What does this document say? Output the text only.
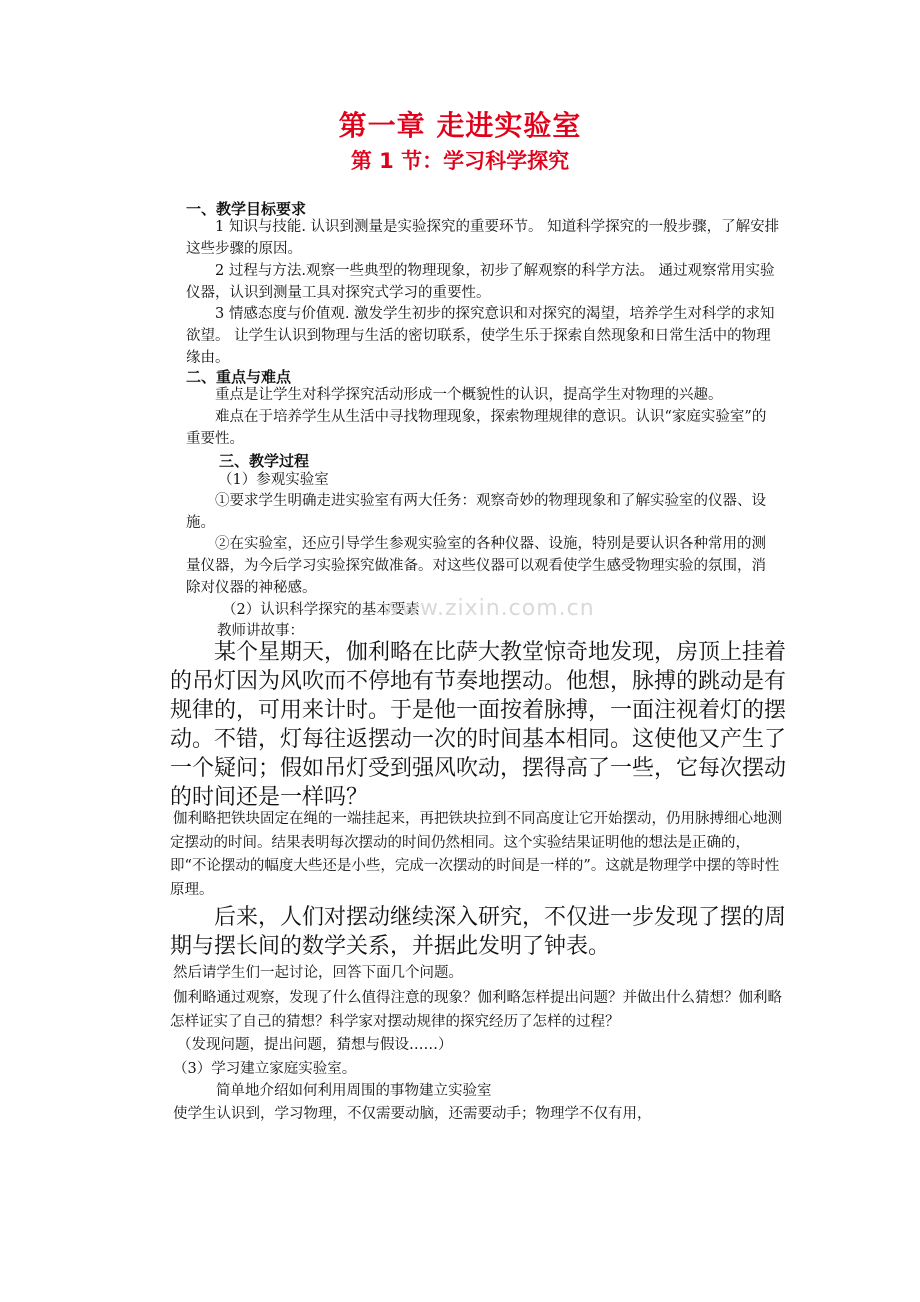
第一章 走进实验室
第 1 节：学习科学探究
一、教学目标要求
1 知识与技能. 认识到测量是实验探究的重要环节。 知道科学探究的一般步骤，了解安排这些步骤的原因。
2 过程与方法.观察一些典型的物理现象，初步了解观察的科学方法。 通过观察常用实验仪器，认识到测量工具对探究式学习的重要性。
3 情感态度与价值观. 激发学生初步的探究意识和对探究的渴望，培养学生对科学的求知欲望。 让学生认识到物理与生活的密切联系，使学生乐于探索自然现象和日常生活中的物理缘由。
二、重点与难点
重点是让学生对科学探究活动形成一个概貌性的认识，提高学生对物理的兴趣。
难点在于培养学生从生活中寻找物理现象，探索物理规律的意识。认识“家庭实验室”的重要性。
三、教学过程
（1）参观实验室
①要求学生明确走进实验室有两大任务：观察奇妙的物理现象和了解实验室的仪器、设施。
②在实验室，还应引导学生参观实验室的各种仪器、设施，特别是要认识各种常用的测量仪器，为今后学习实验探究做准备。对这些仪器可以观看使学生感受物理实验的氛围，消除对仪器的神秘感。
（2）认识科学探究的基本要素
www.zixin.com.cn
教师讲故事：
某个星期天，伽利略在比萨大教堂惊奇地发现，房顶上挂着的吊灯因为风吹而不停地有节奏地摆动。他想，脉搏的跳动是有规律的，可用来计时。于是他一面按着脉搏，一面注视着灯的摆动。不错，灯每往返摆动一次的时间基本相同。这使他又产生了一个疑问；假如吊灯受到强风吹动，摆得高了一些，它每次摆动的时间还是一样吗？
伽利略把铁块固定在绳的一端挂起来，再把铁块拉到不同高度让它开始摆动，仍用脉搏细心地测定摆动的时间。结果表明每次摆动的时间仍然相同。这个实验结果证明他的想法是正确的，即“不论摆动的幅度大些还是小些，完成一次摆动的时间是一样的”。这就是物理学中摆的等时性原理。
后来，人们对摆动继续深入研究，不仅进一步发现了摆的周期与摆长间的数学关系，并据此发明了钟表。
然后请学生们一起讨论，回答下面几个问题。
伽利略通过观察，发现了什么值得注意的现象？伽利略怎样提出问题？并做出什么猜想？伽利略怎样证实了自己的猜想？科学家对摆动规律的探究经历了怎样的过程？
（发现问题，提出问题，猜想与假设……）
（3）学习建立家庭实验室。
简单地介绍如何利用周围的事物建立实验室
使学生认识到，学习物理，不仅需要动脑，还需要动手；物理学不仅有用，
